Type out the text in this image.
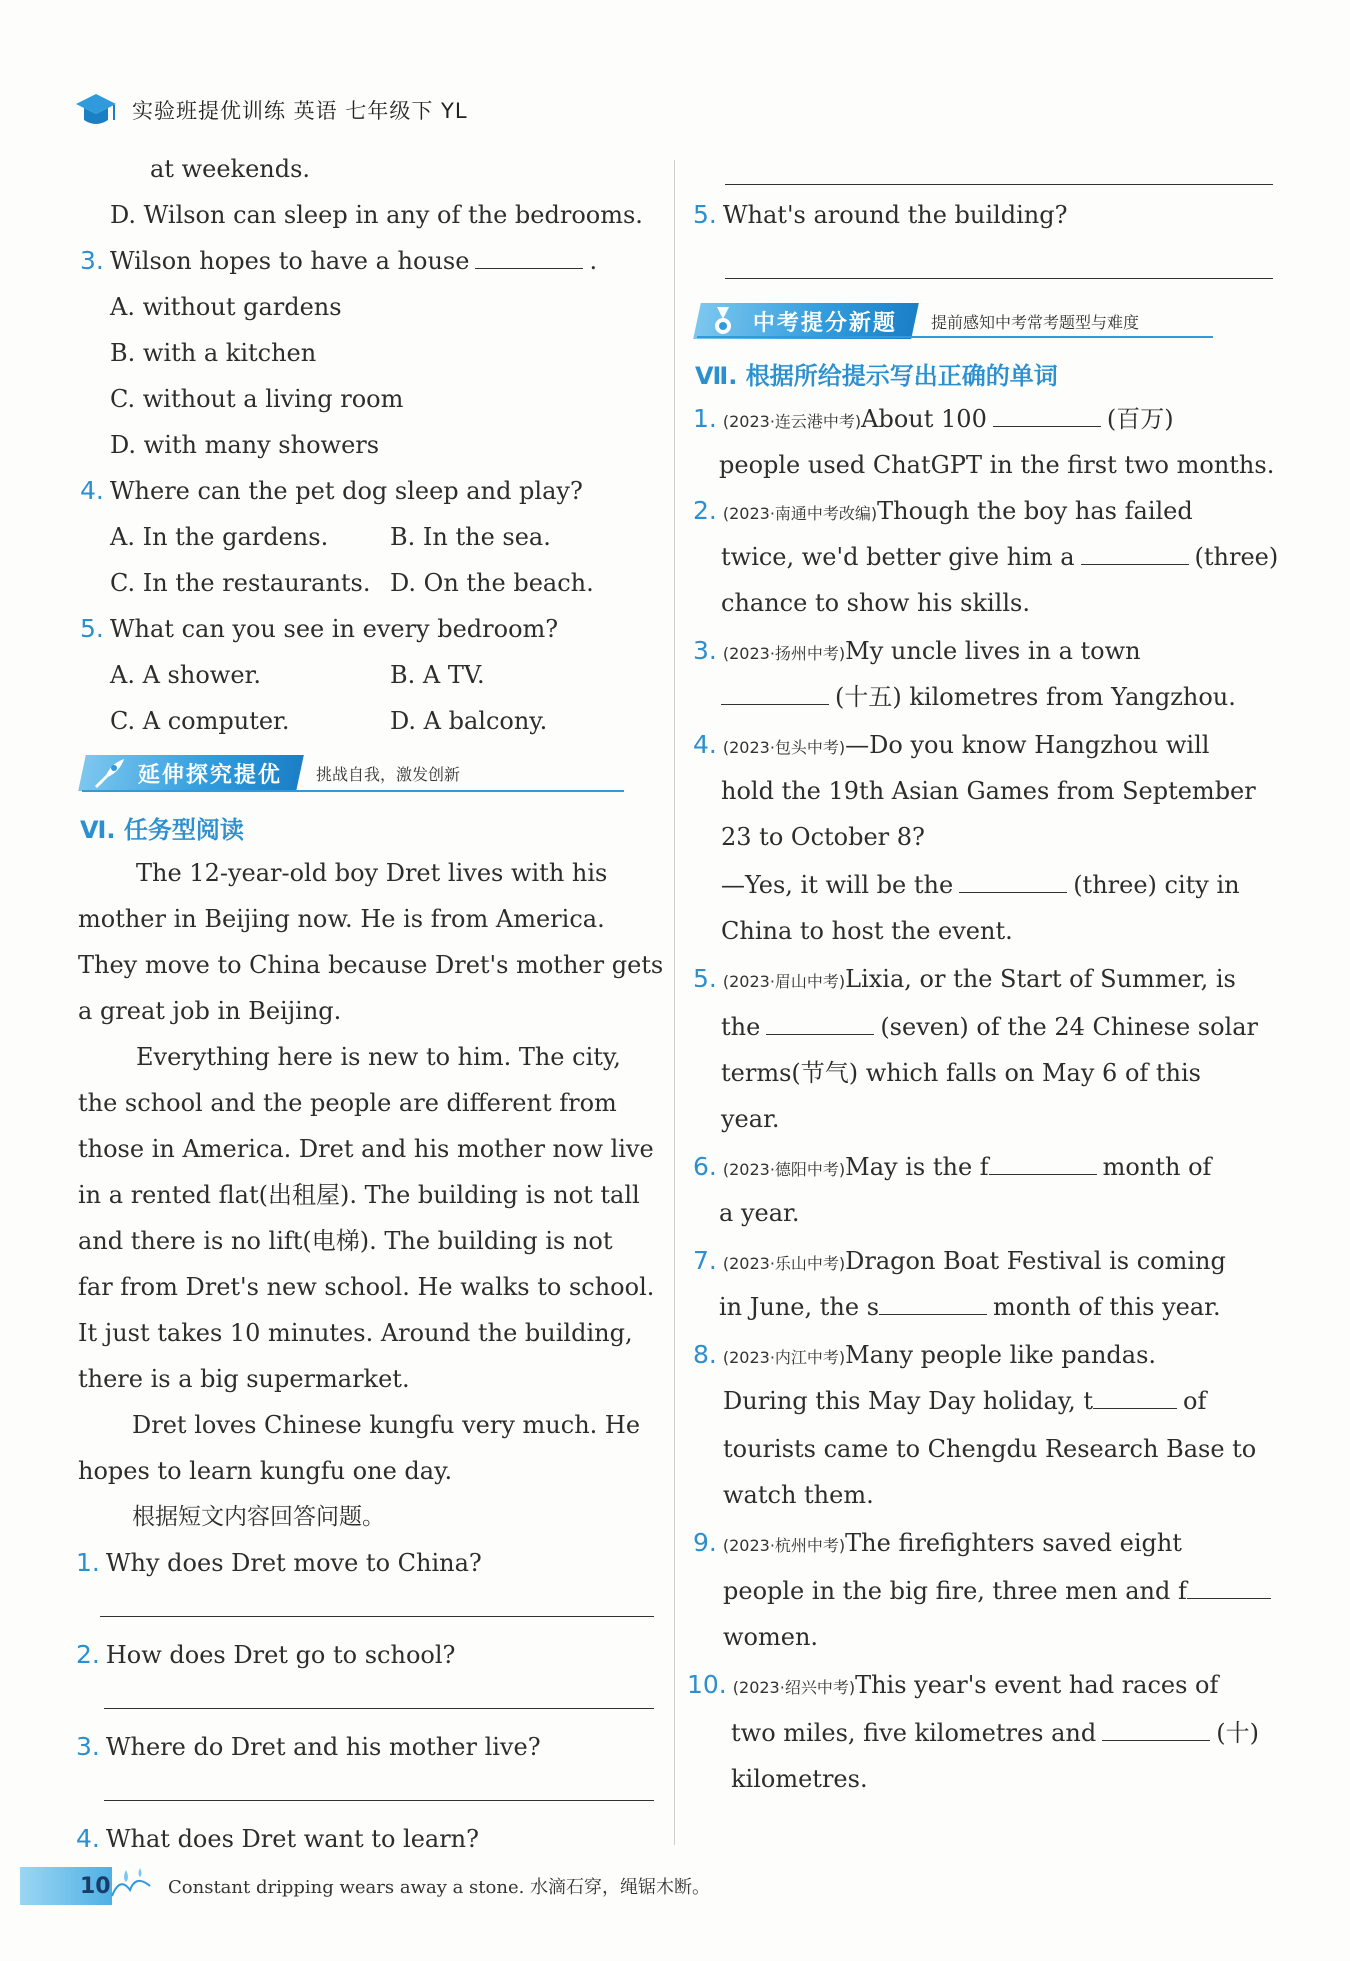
实验班提优训练 英语 七年级下 YL
at weekends.
D. Wilson can sleep in any of the bedrooms.
3. Wilson hopes to have a house	.
A. without gardens
B. with a kitchen
C. without a living room
D. with many showers
4. Where can the pet dog sleep and play?
A. In the gardens.	B. In the sea.
C. In the restaurants. D. On the beach.
5. What can you see in every bedroom?
A. A shower.	B. A TV.
C. A computer.	D. A balcony.
延伸探究提优 挑战自我，激发创新
Ⅵ. 任务型阅读
The 12-year-old boy Dret lives with his
mother in Beijing now. He is from America.
They move to China because Dret's mother gets
a great job in Beijing.
Everything here is new to him. The city,
the school and the people are different from
those in America. Dret and his mother now live
in a rented flat(出租屋). The building is not tall
and there is no lift(电梯). The building is not
far from Dret's new school. He walks to school.
It just takes 10 minutes. Around the building,
there is a big supermarket.
Dret loves Chinese kungfu very much. He
hopes to learn kungfu one day.
根据短文内容回答问题。
1. Why does Dret move to China?
2. How does Dret go to school?
3. Where do Dret and his mother live?
4. What does Dret want to learn?
5. What's around the building?
中考提分新题 提前感知中考常考题型与难度
Ⅶ. 根据所给提示写出正确的单词
1. (2023·连云港中考)About 100	(百万)
people used ChatGPT in the first two months.
2. (2023·南通中考改编)Though the boy has failed
twice, we'd better give him a	(three)
chance to show his skills.
3. (2023·扬州中考)My uncle lives in a town
(十五) kilometres from Yangzhou.
4. (2023·包头中考)—Do you know Hangzhou will
hold the 19th Asian Games from September
23 to October 8?
—Yes, it will be the	(three) city in
China to host the event.
5. (2023·眉山中考)Lixia, or the Start of Summer, is
the	(seven) of the 24 Chinese solar
terms(节气) which falls on May 6 of this
year.
6. (2023·德阳中考)May is the f	month of
a year.
7. (2023·乐山中考)Dragon Boat Festival is coming
in June, the s	month of this year.
8. (2023·内江中考)Many people like pandas.
During this May Day holiday, t	of
tourists came to Chengdu Research Base to
watch them.
9. (2023·杭州中考)The firefighters saved eight
people in the big fire, three men and f
women.
10. (2023·绍兴中考)This year's event had races of
two miles, five kilometres and	(十)
kilometres.
10	Constant dripping wears away a stone. 水滴石穿，绳锯木断。
